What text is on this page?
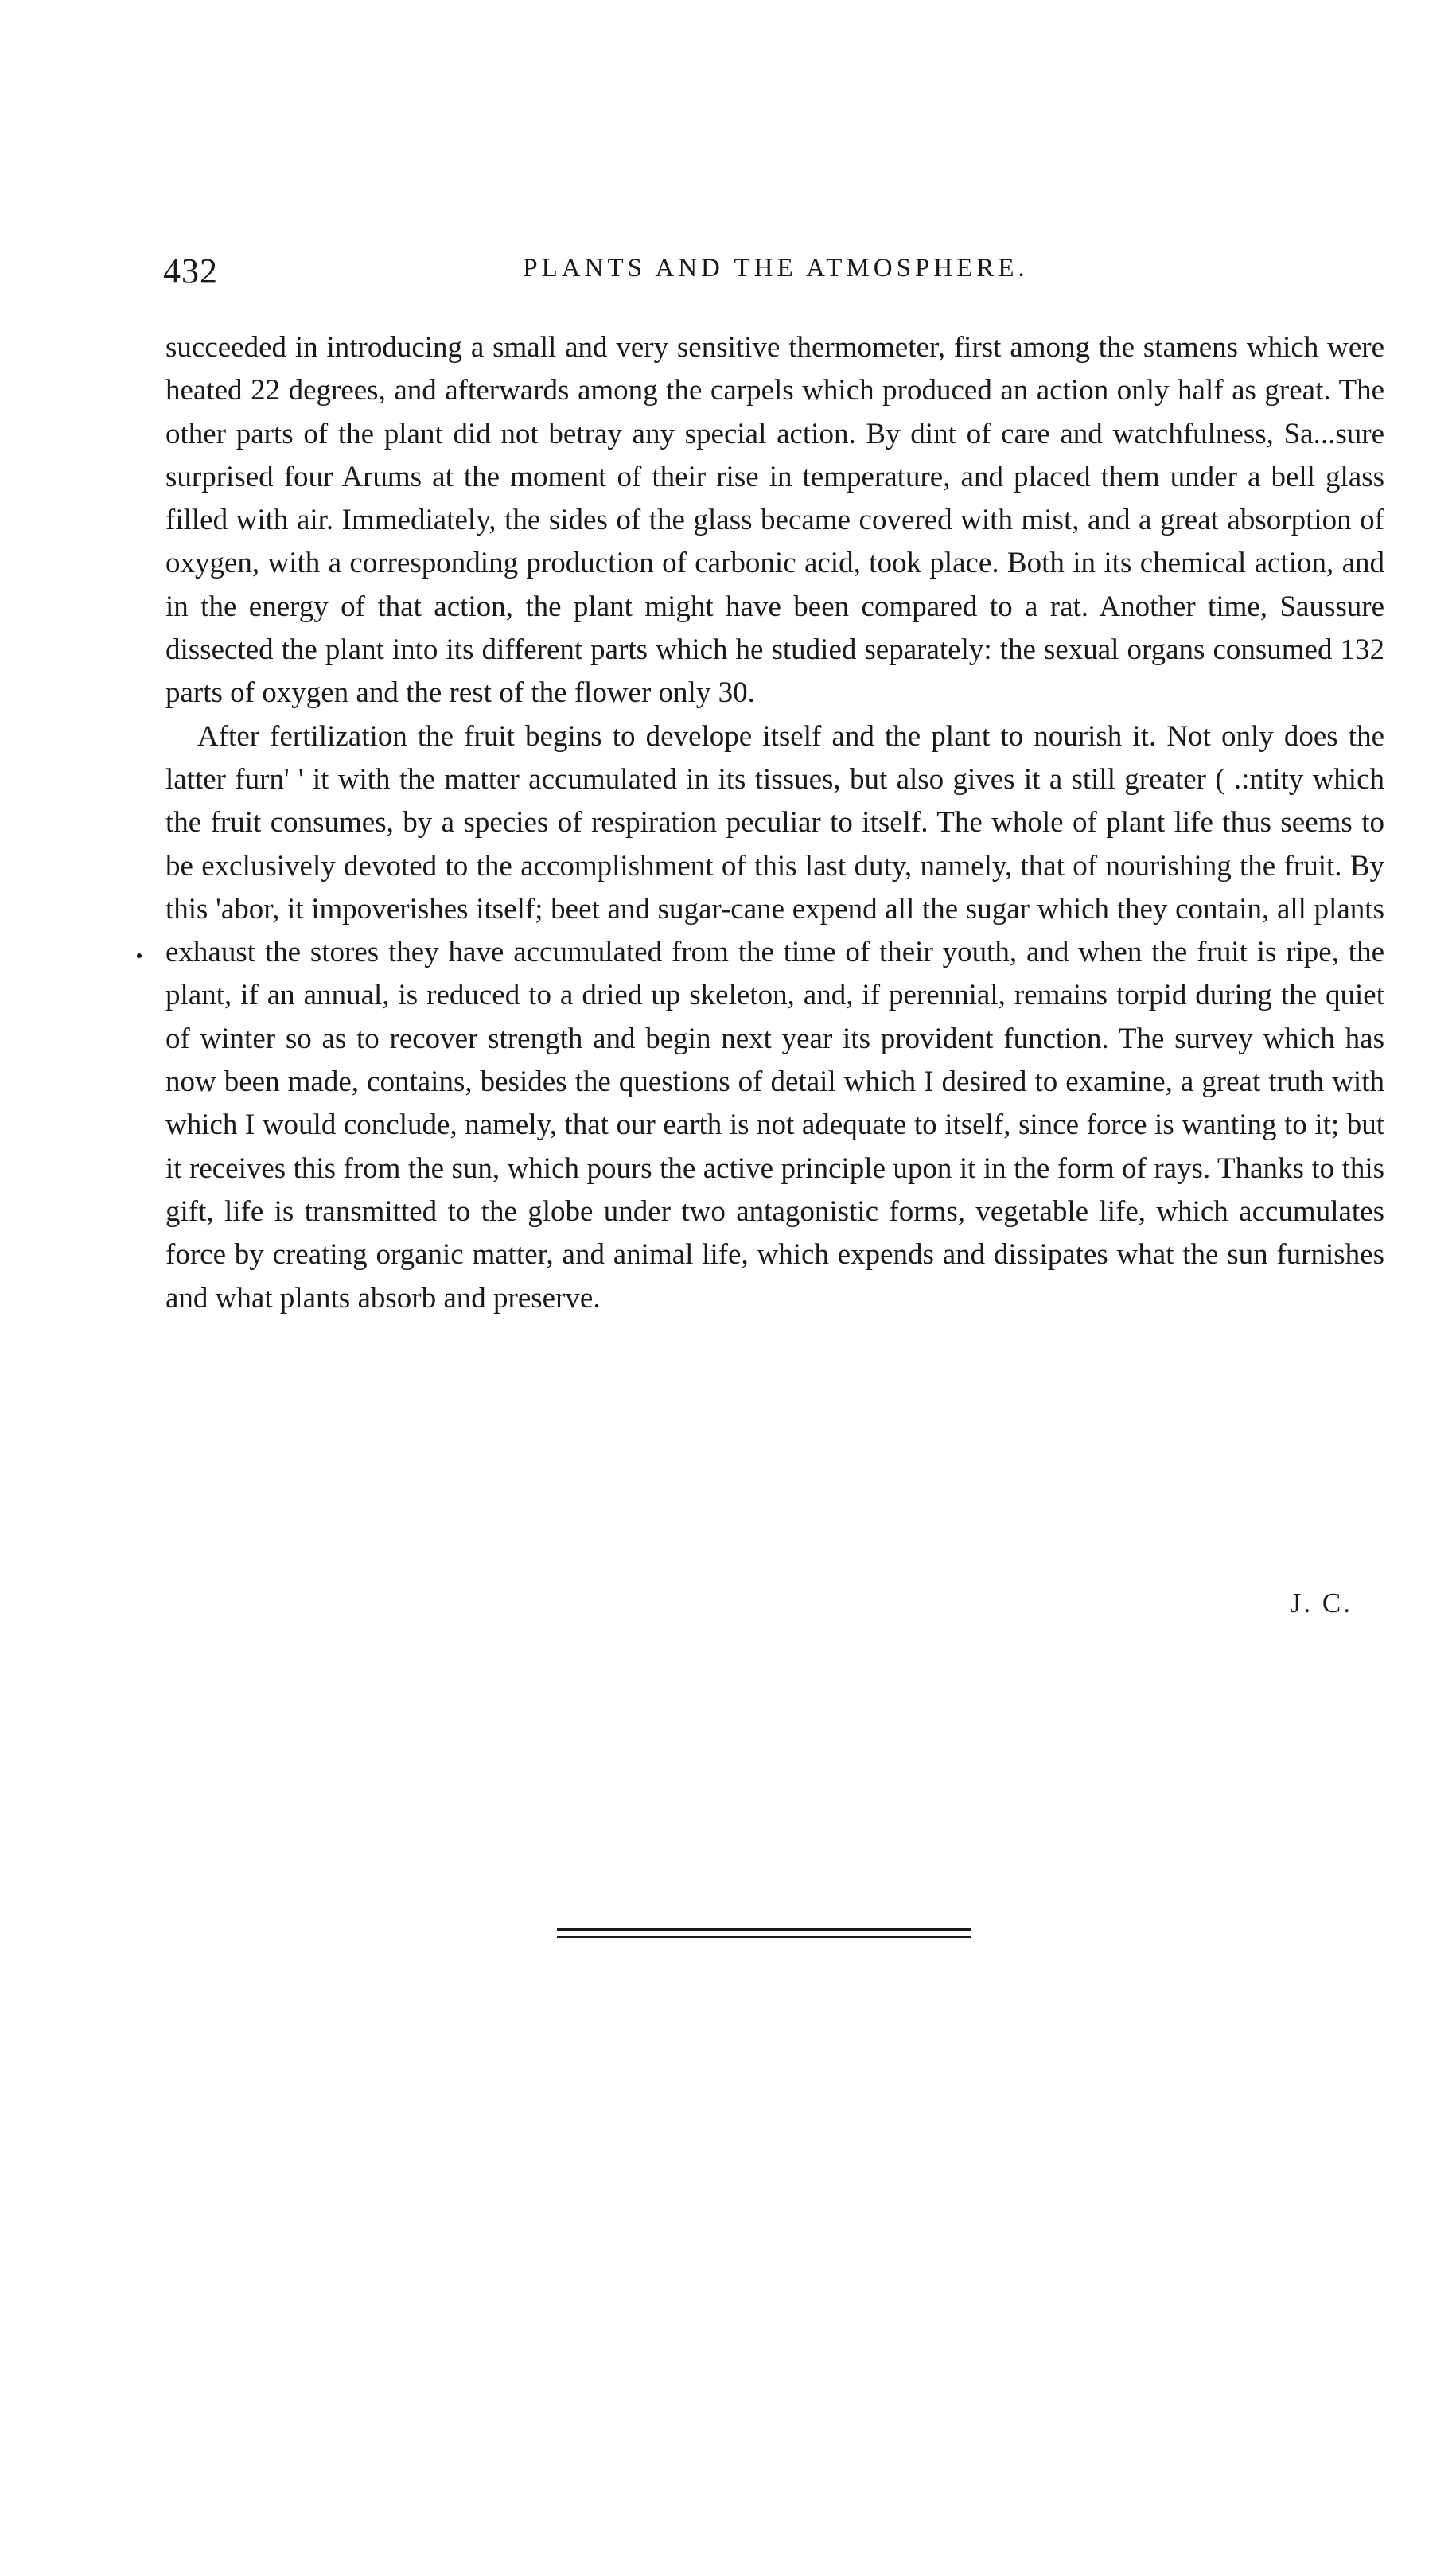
432	PLANTS AND THE ATMOSPHERE.

succeeded in introducing a small and very sensitive thermometer, first among the stamens which were heated 22 degrees, and afterwards among the carpels which produced an action only half as great. The other parts of the plant did not betray any special action. By dint of care and watchfulness, Sa...sure surprised four Arums at the moment of their rise in temperature, and placed them under a bell glass filled with air. Immediately, the sides of the glass became covered with mist, and a great absorption of oxygen, with a corresponding production of carbonic acid, took place. Both in its chemical action, and in the energy of that action, the plant might have been compared to a rat. Another time, Saussure dissected the plant into its different parts which he studied separately: the sexual organs consumed 132 parts of oxygen and the rest of the flower only 30.

After fertilization the fruit begins to develope itself and the plant to nourish it. Not only does the latter furn' ' it with the matter accumulated in its tissues, but also gives it a still greater ( .:ntity which the fruit consumes, by a species of respiration peculiar to itself. The whole of plant life thus seems to be exclusively devoted to the accomplishment of this last duty, namely, that of nourishing the fruit. By this 'abor, it impoverishes itself; beet and sugar-cane expend all the sugar which they contain, all plants exhaust the stores they have accumulated from the time of their youth, and when the fruit is ripe, the plant, if an annual, is reduced to a dried up skeleton, and, if perennial, remains torpid during the quiet of winter so as to recover strength and begin next year its provident function. The survey which has now been made, contains, besides the questions of detail which I desired to examine, a great truth with which I would conclude, namely, that our earth is not adequate to itself, since force is wanting to it; but it receives this from the sun, which pours the active principle upon it in the form of rays. Thanks to this gift, life is transmitted to the globe under two antagonistic forms, vegetable life, which accumulates force by creating organic matter, and animal life, which expends and dissipates what the sun furnishes and what plants absorb and preserve.

J. C.
